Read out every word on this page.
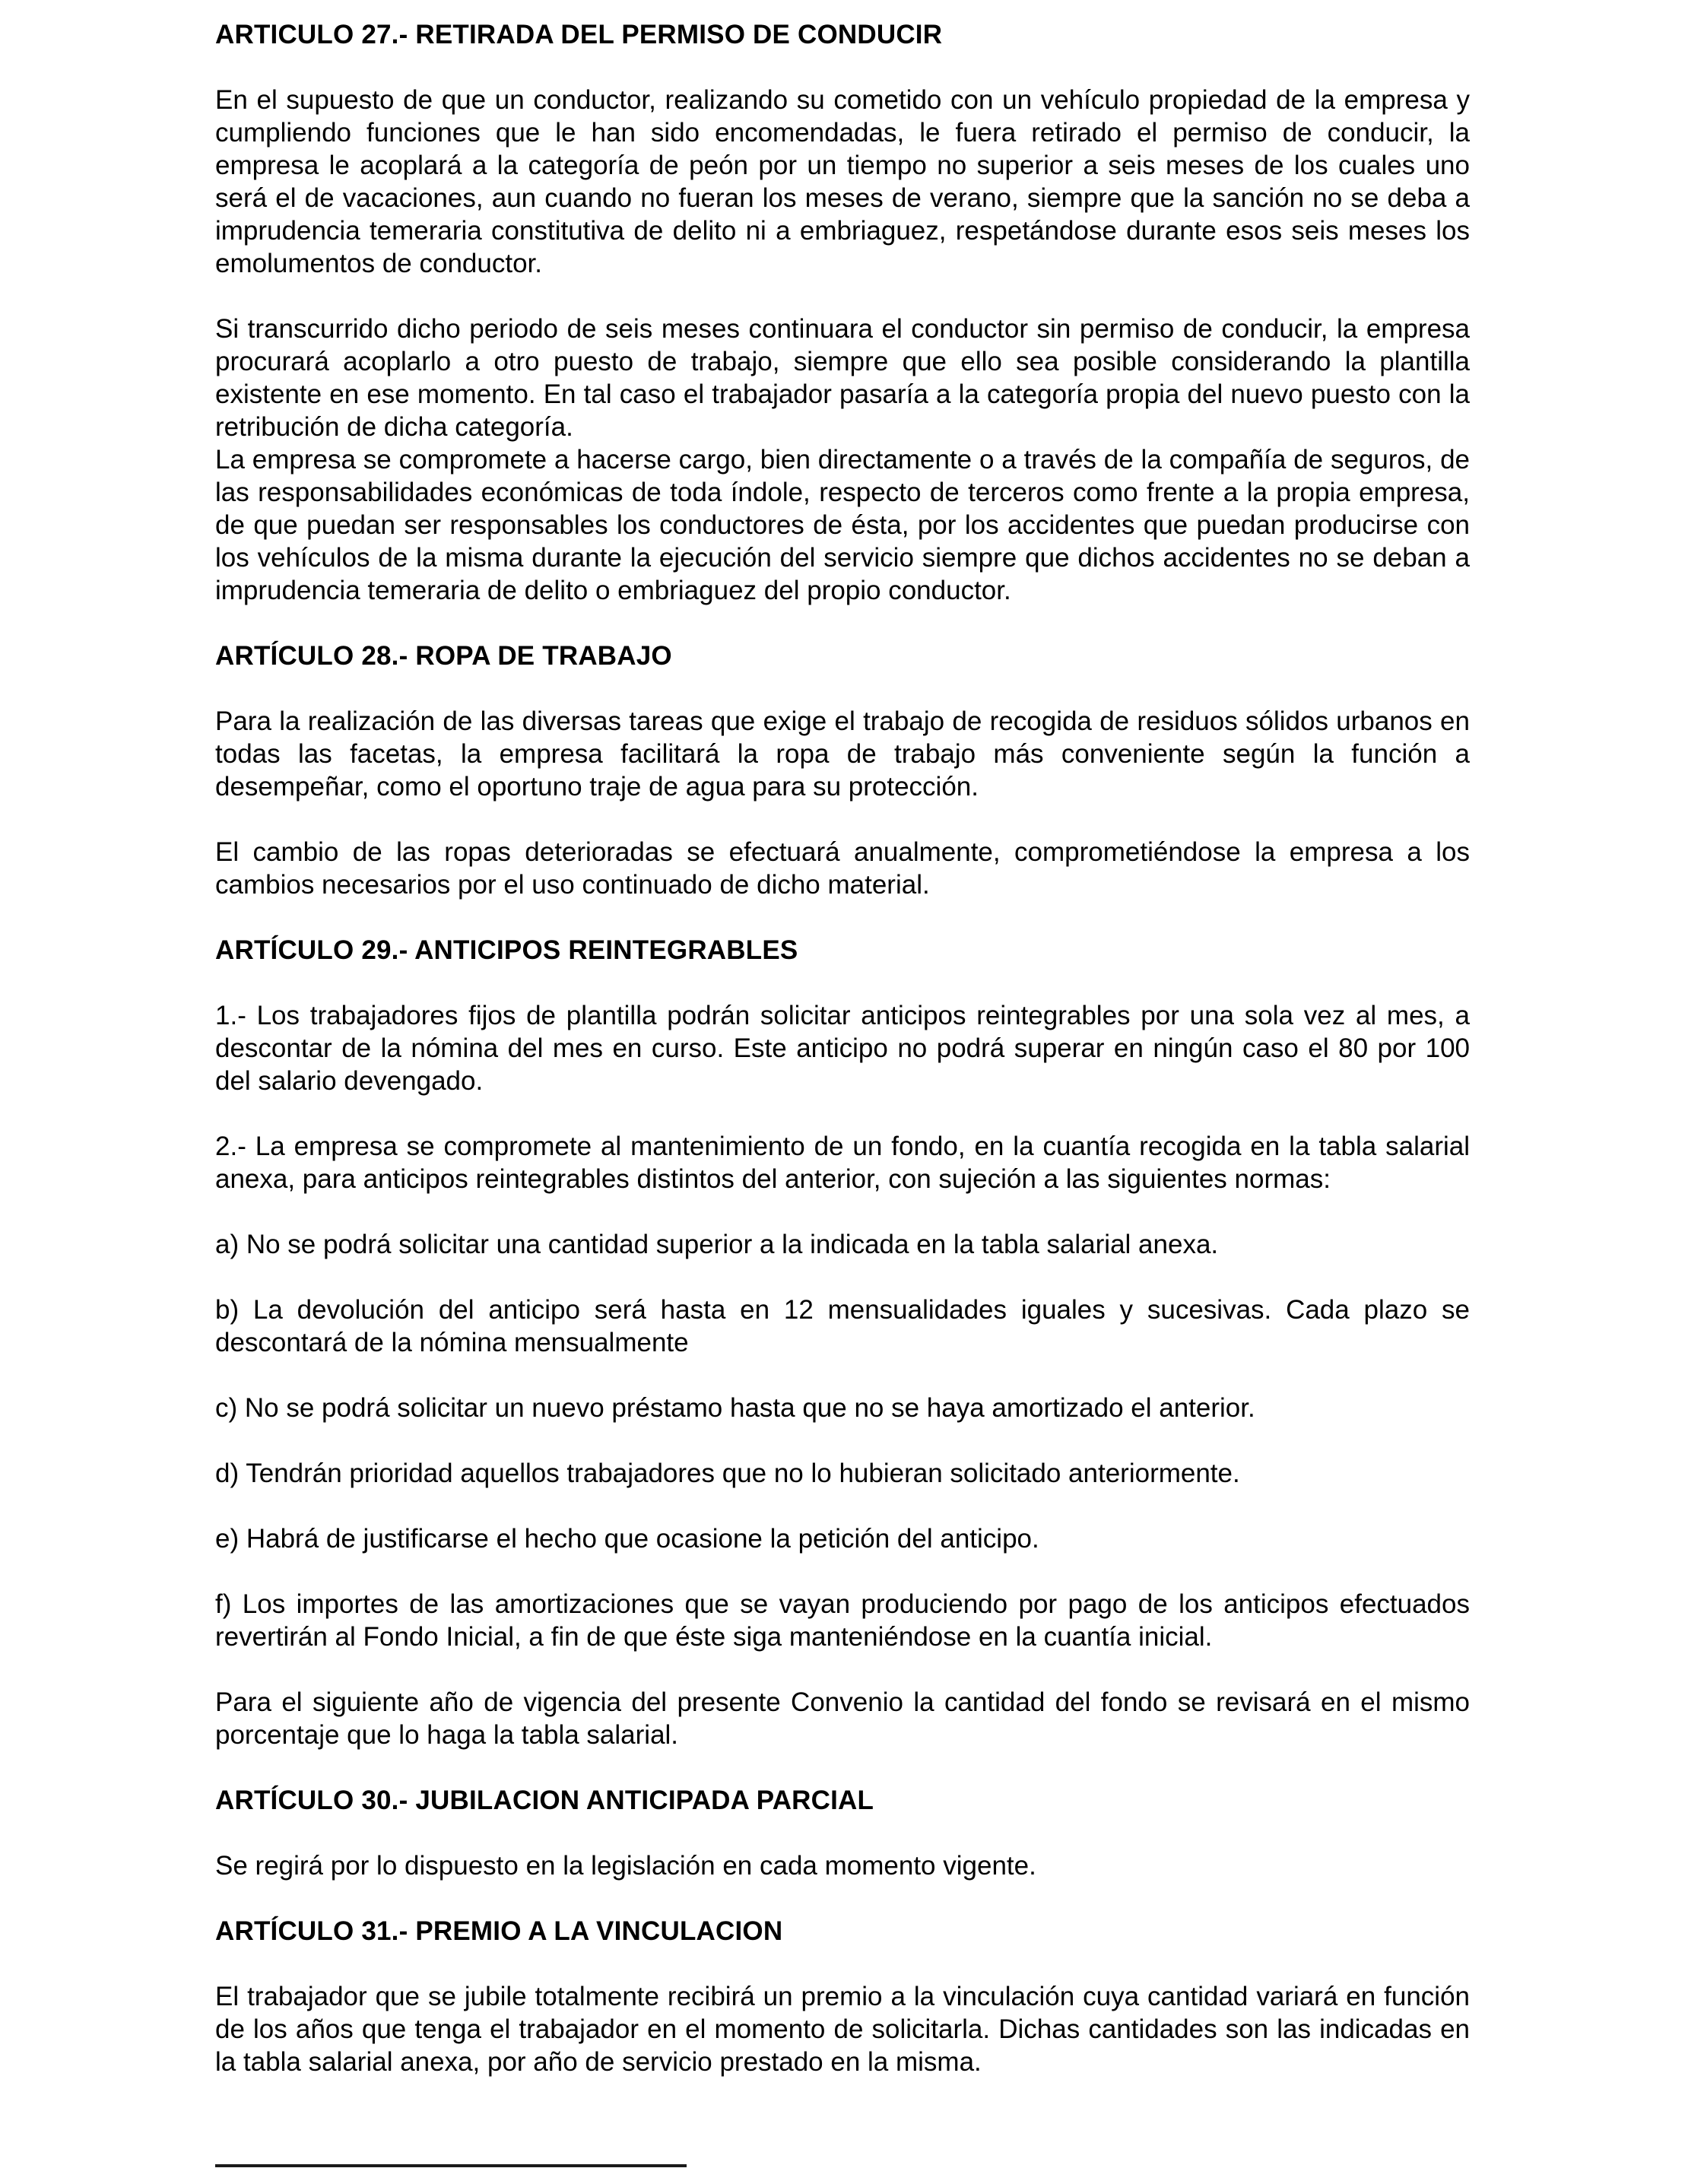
ARTICULO 27.- RETIRADA DEL PERMISO DE CONDUCIR

En el supuesto de que un conductor, realizando su cometido con un vehículo propiedad de la empresa y cumpliendo funciones que le han sido encomendadas, le fuera retirado el permiso de conducir, la empresa le acoplará a la categoría de peón por un tiempo no superior a seis meses de los cuales uno será el de vacaciones, aun cuando no fueran los meses de verano, siempre que la sanción no se deba a imprudencia temeraria constitutiva de delito ni a embriaguez, respetándose durante esos seis meses los emolumentos de conductor.

Si transcurrido dicho periodo de seis meses continuara el conductor sin permiso de conducir, la empresa procurará acoplarlo a otro puesto de trabajo, siempre que ello sea posible considerando la plantilla existente en ese momento. En tal caso el trabajador pasaría a la categoría propia del nuevo puesto con la retribución de dicha categoría.

La empresa se compromete a hacerse cargo, bien directamente o a través de la compañía de seguros, de las responsabilidades económicas de toda índole, respecto de terceros como frente a la propia empresa, de que puedan ser responsables los conductores de ésta, por los accidentes que puedan producirse con los vehículos de la misma durante la ejecución del servicio siempre que dichos accidentes no se deban a imprudencia temeraria de delito o embriaguez del propio conductor.

ARTÍCULO 28.- ROPA DE TRABAJO

Para la realización de las diversas tareas que exige el trabajo de recogida de residuos sólidos urbanos en todas las facetas, la empresa facilitará la ropa de trabajo más conveniente según la función a desempeñar, como el oportuno traje de agua para su protección.

El cambio de las ropas deterioradas se efectuará anualmente, comprometiéndose la empresa a los cambios necesarios por el uso continuado de dicho material.

ARTÍCULO 29.- ANTICIPOS REINTEGRABLES

1.- Los trabajadores fijos de plantilla podrán solicitar anticipos reintegrables por una sola vez al mes, a descontar de la nómina del mes en curso. Este anticipo no podrá superar en ningún caso el 80 por 100 del salario devengado.

2.- La empresa se compromete al mantenimiento de un fondo, en la cuantía recogida en la tabla salarial anexa, para anticipos reintegrables distintos del anterior, con sujeción a las siguientes normas:

a) No se podrá solicitar una cantidad superior a la indicada en la tabla salarial anexa.

b) La devolución del anticipo será hasta en 12 mensualidades iguales y sucesivas. Cada plazo se descontará de la nómina mensualmente

c) No se podrá solicitar un nuevo préstamo hasta que no se haya amortizado el anterior.

d) Tendrán prioridad aquellos trabajadores que no lo hubieran solicitado anteriormente.

e) Habrá de justificarse el hecho que ocasione la petición del anticipo.

f) Los importes de las amortizaciones que se vayan produciendo por pago de los anticipos efectuados revertirán al Fondo Inicial, a fin de que éste siga manteniéndose en la cuantía inicial.

Para el siguiente año de vigencia del presente Convenio la cantidad del fondo se revisará en el mismo porcentaje que lo haga la tabla salarial.

ARTÍCULO 30.- JUBILACION ANTICIPADA PARCIAL

Se regirá por lo dispuesto en la legislación en cada momento vigente.

ARTÍCULO 31.- PREMIO A LA VINCULACION

El trabajador que se jubile totalmente recibirá un premio a la vinculación cuya cantidad variará en función de los años que tenga el trabajador en el momento de solicitarla. Dichas cantidades son las indicadas en la tabla salarial anexa, por año de servicio prestado en la misma.
